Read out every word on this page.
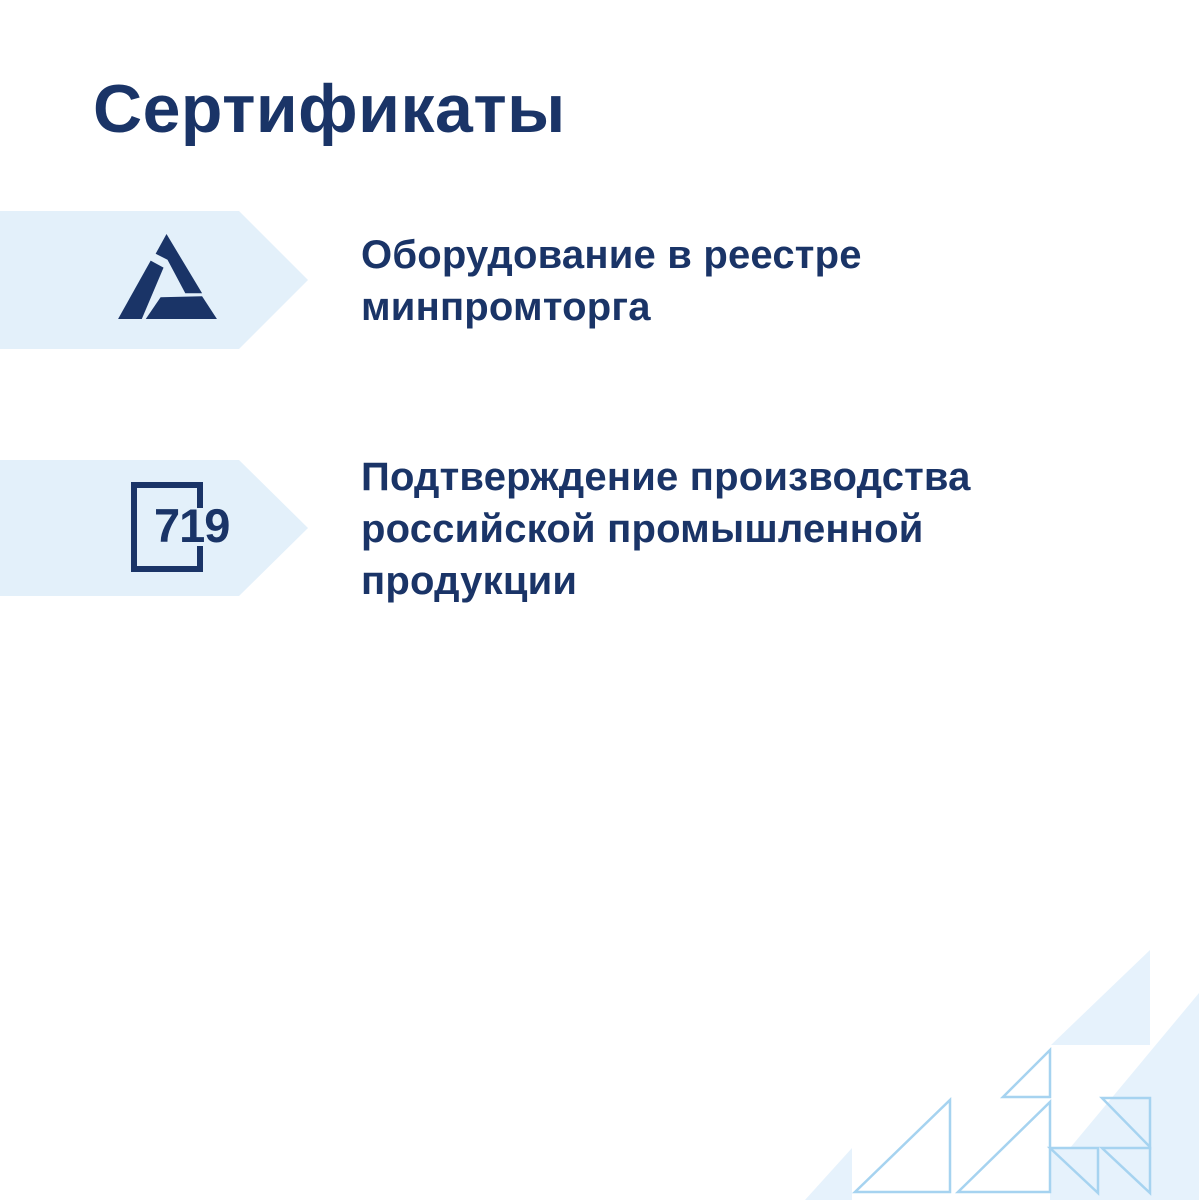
Сертификаты
Оборудование в реестре
минпромторга
719
Подтверждение производства
российской промышленной
продукции
